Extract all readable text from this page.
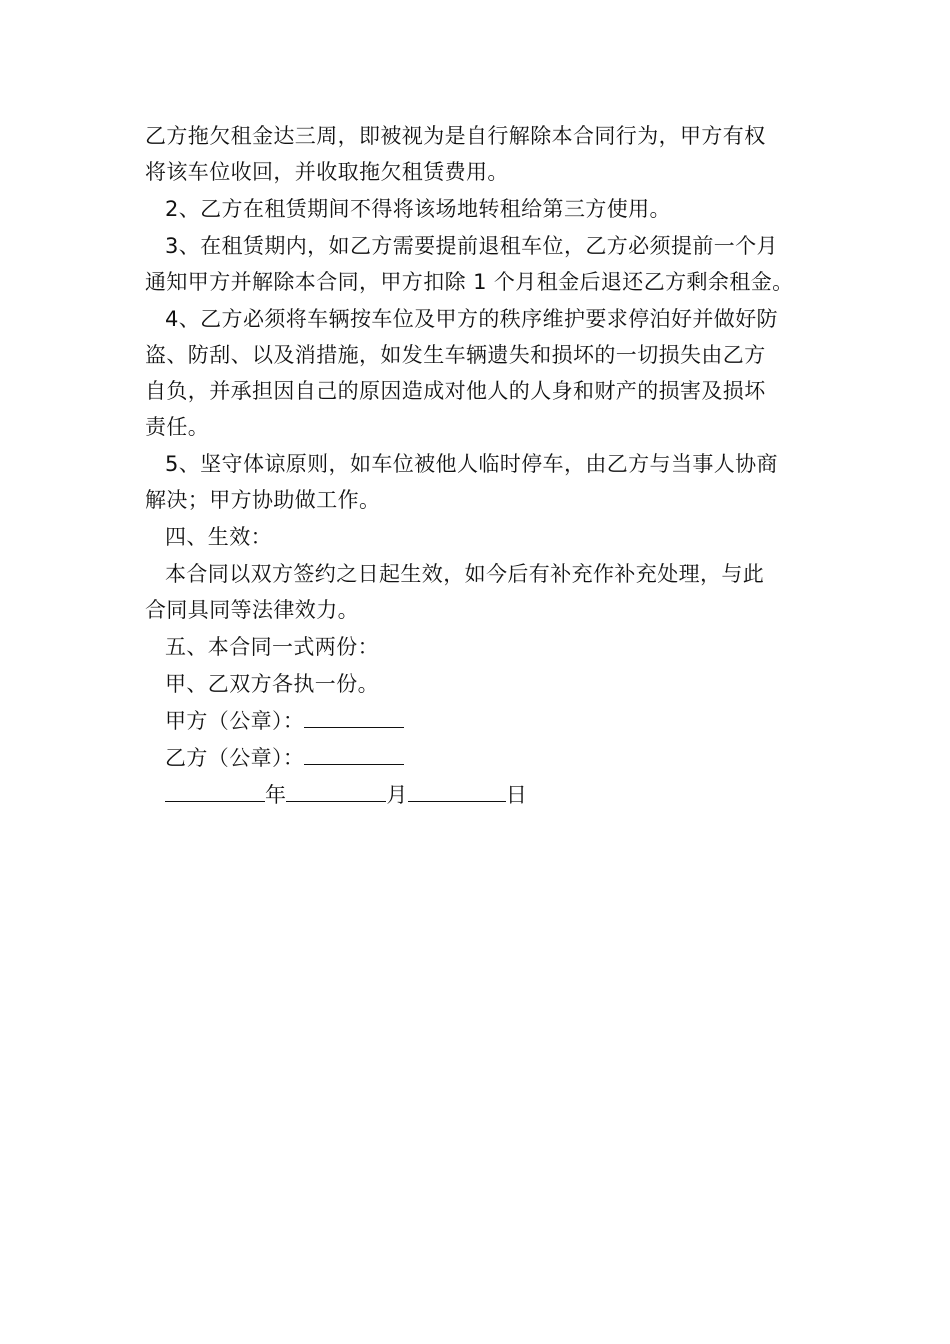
乙方拖欠租金达三周，即被视为是自行解除本合同行为，甲方有权
将该车位收回，并收取拖欠租赁费用。
2、乙方在租赁期间不得将该场地转租给第三方使用。
3、在租赁期内，如乙方需要提前退租车位，乙方必须提前一个月
通知甲方并解除本合同，甲方扣除 1 个月租金后退还乙方剩余租金。
4、乙方必须将车辆按车位及甲方的秩序维护要求停泊好并做好防
盗、防刮、以及消措施，如发生车辆遗失和损坏的一切损失由乙方
自负，并承担因自己的原因造成对他人的人身和财产的损害及损坏
责任。
5、坚守体谅原则，如车位被他人临时停车，由乙方与当事人协商
解决；甲方协助做工作。
四、生效：
本合同以双方签约之日起生效，如今后有补充作补充处理，与此
合同具同等法律效力。
五、本合同一式两份：
甲、乙双方各执一份。
甲方（公章）：
乙方（公章）：
年	月	日
